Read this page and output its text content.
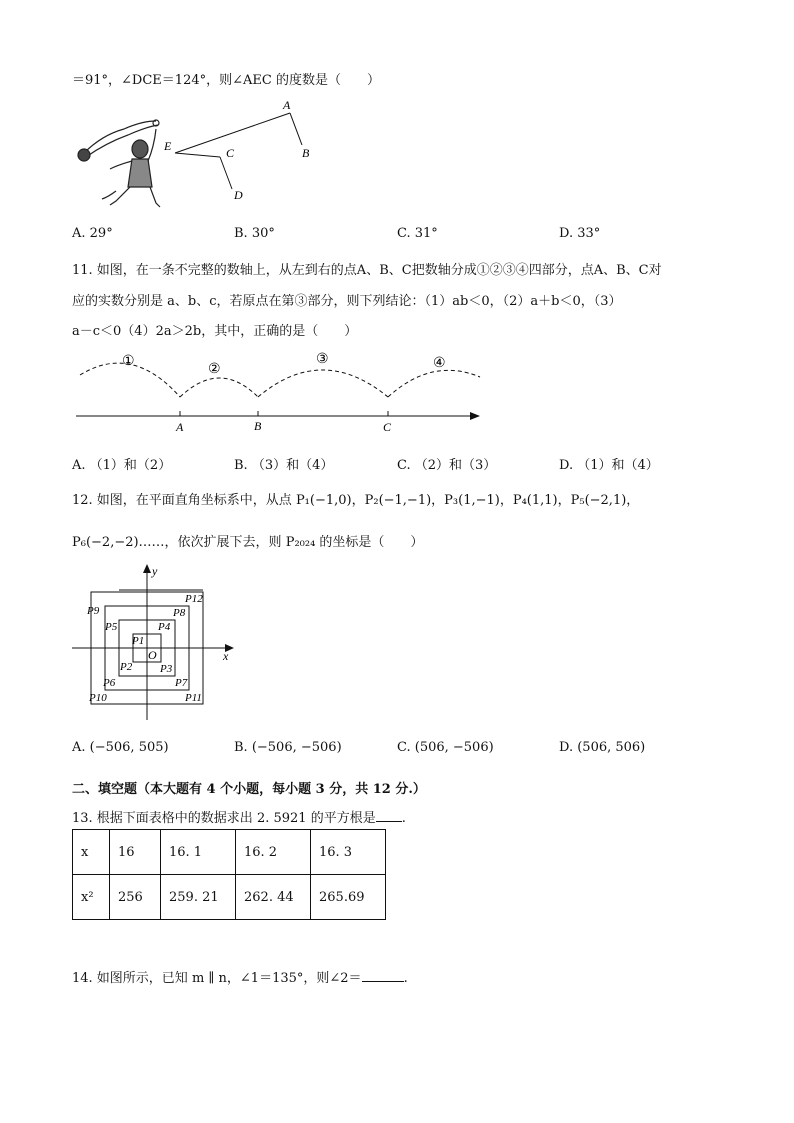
＝91°，∠DCE＝124°，则∠AEC 的度数是（　　）
A
B
C
D
E
A. 29°	B. 30°	C. 31°	D. 33°
11. 如图，在一条不完整的数轴上，从左到右的点A、B、C把数轴分成①②③④四部分，点A、B、C对
应的实数分别是 a、b、c，若原点在第③部分，则下列结论：（1）ab＜0，（2）a＋b＜0，（3）
a－c＜0（4）2a＞2b，其中，正确的是（　　）
①
②
③	④
A	B	C
A. （1）和（2）	B. （3）和（4）	C. （2）和（3）	D. （1）和（4）
12. 如图，在平面直角坐标系中，从点 P₁(−1,0)，P₂(−1,−1)，P₃(1,−1)，P₄(1,1)，P₅(−2,1)，
P₆(−2,−2)……，依次扩展下去，则 P₂₀₂₄ 的坐标是（　　）
x
y
O
P1
P2	P3
P4
P5
P6	P7
P8
P9
P10	P11
P12
A. (−506, 505)	B. (−506, −506)	C. (506, −506)	D. (506, 506)
二、填空题（本大题有 4 个小题，每小题 3 分，共 12 分.）
13. 根据下面表格中的数据求出 2. 5921 的平方根是 .
x	16	16. 1	16. 2	16. 3
x²	256	259. 21	262. 44	265.69
14. 如图所示，已知 m ∥ n，∠1＝135°，则∠2＝	.
